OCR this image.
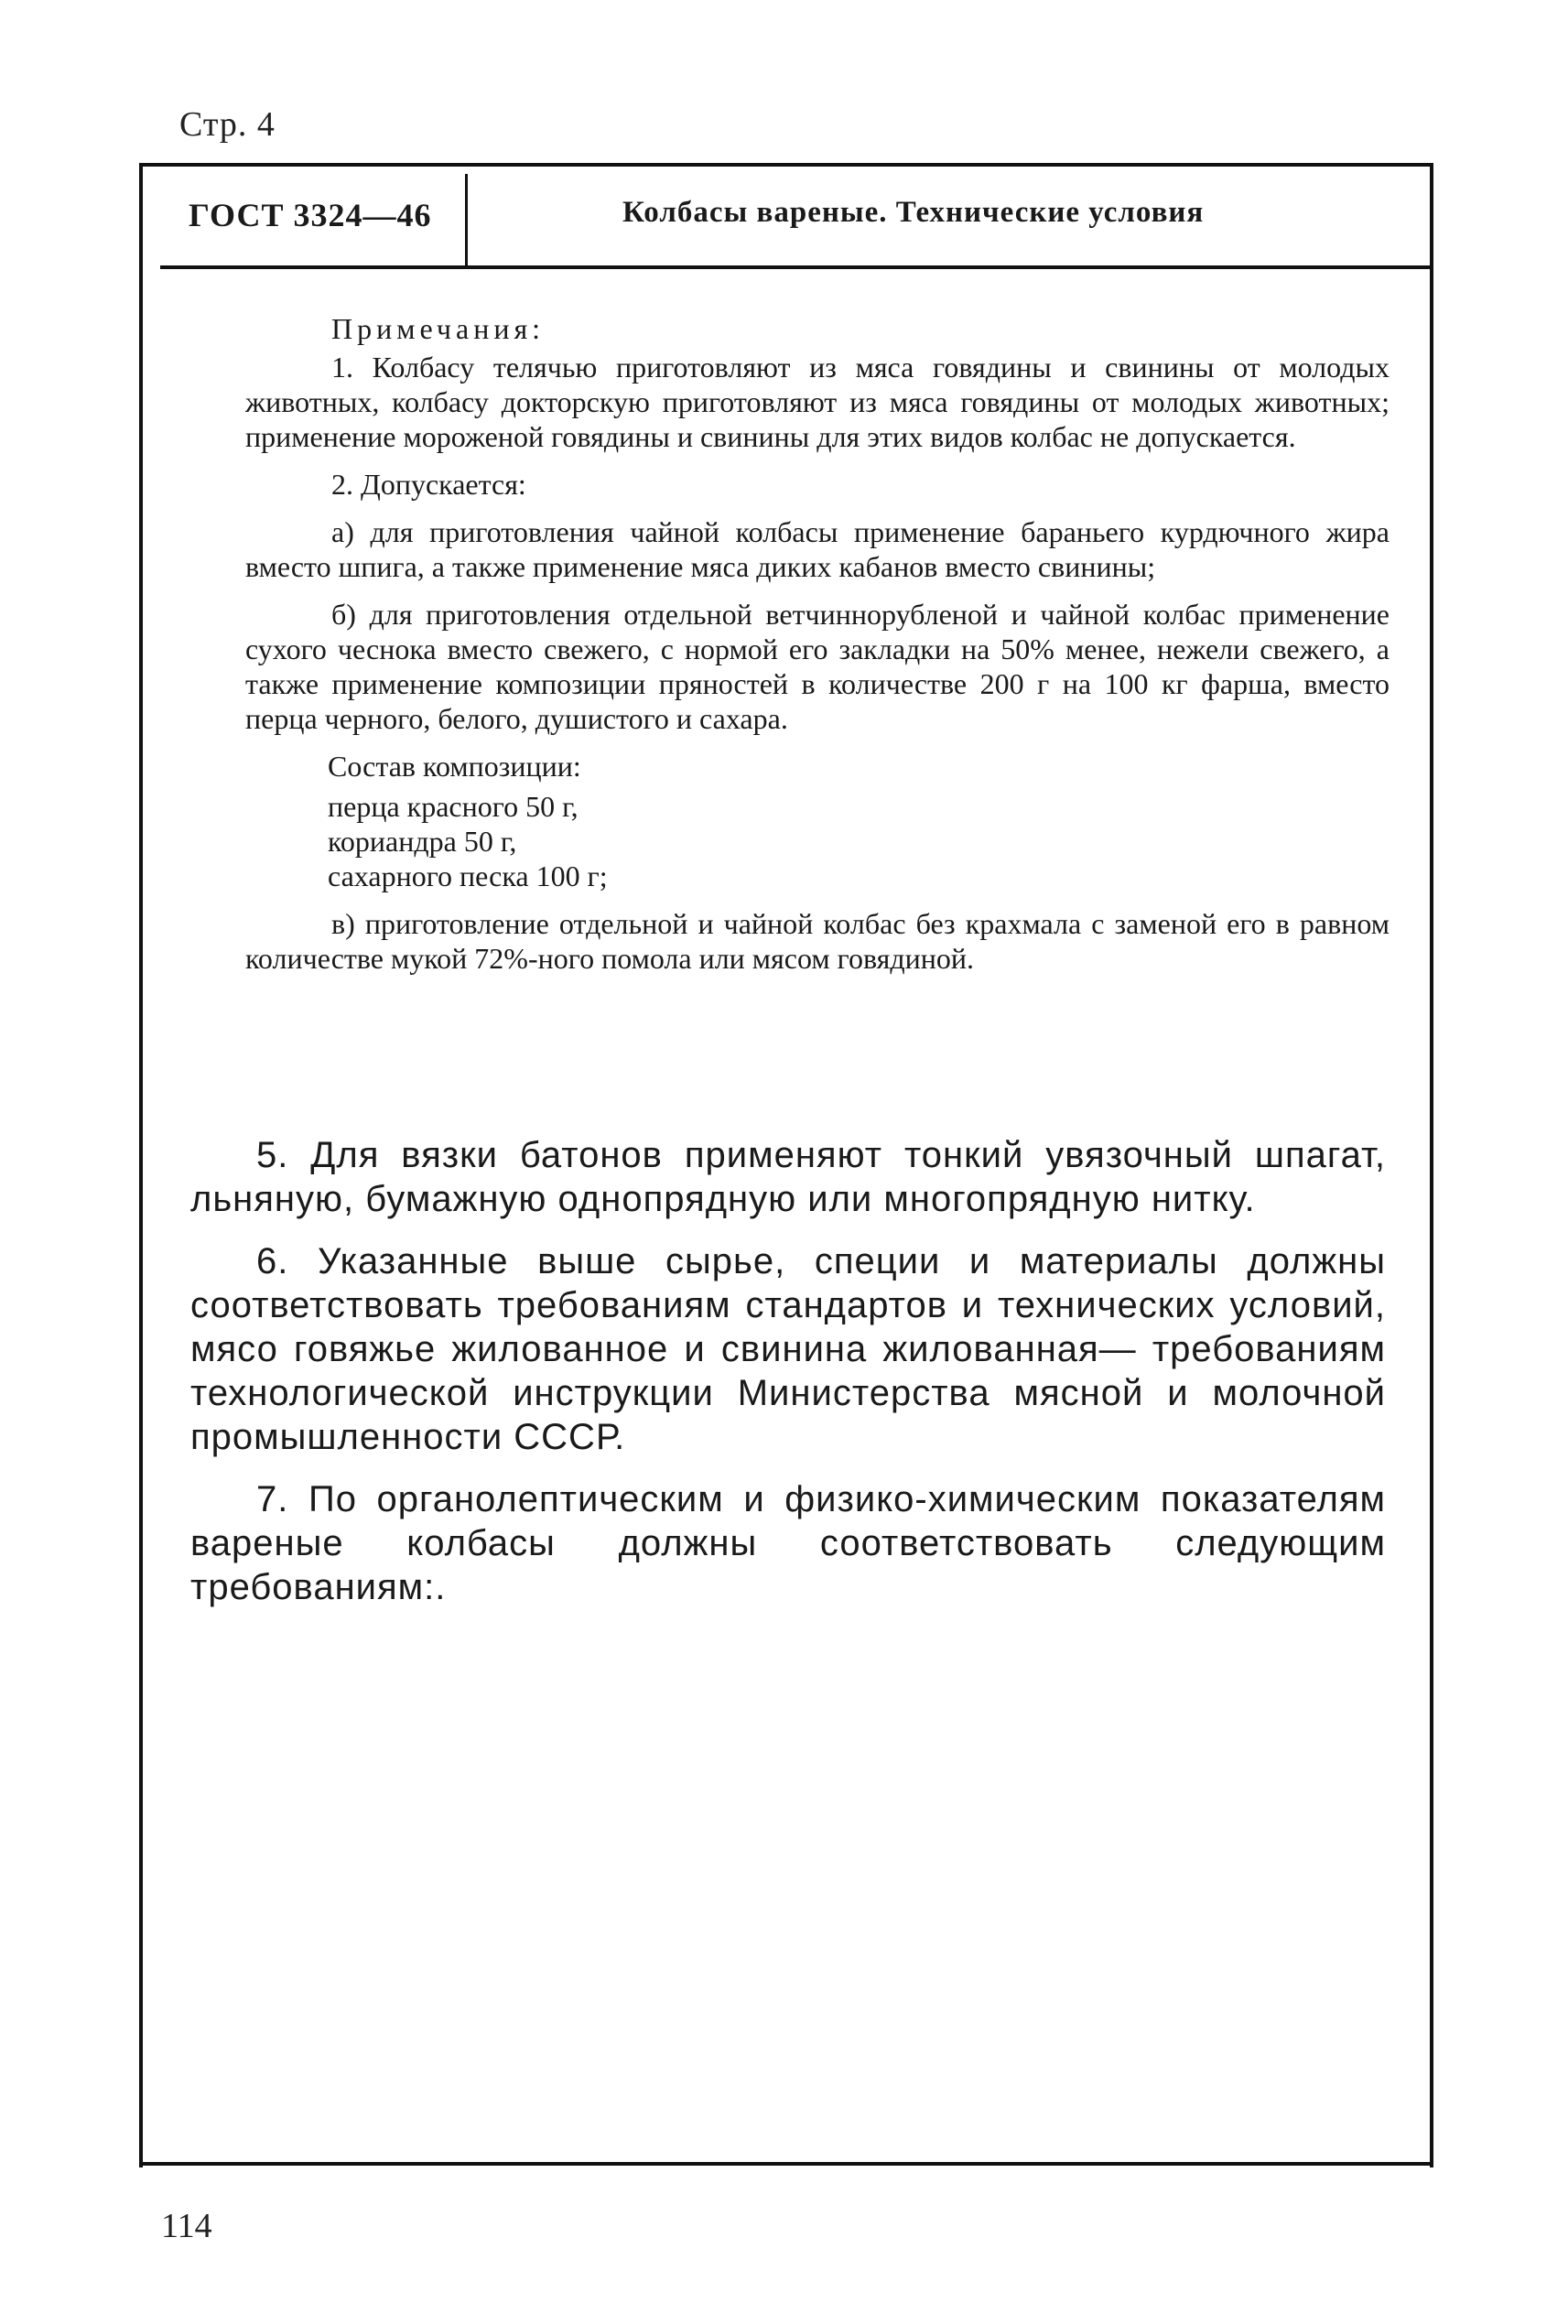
Стр. 4
ГОСТ 3324—46	Колбасы вареные. Технические условия

Примечания:

1. Колбасу телячью приготовляют из мяса говядины и свинины от молодых животных, колбасу докторскую приготовляют из мяса говядины от молодых животных; применение мороженой говядины и свинины для этих видов колбас не допускается.

2. Допускается:

а) для приготовления чайной колбасы применение бараньего курдючного жира вместо шпига, а также применение мяса диких кабанов вместо свинины;

б) для приготовления отдельной ветчиннорубленой и чайной колбас применение сухого чеснока вместо свежего, с нормой его закладки на 50% менее, нежели свежего, а также применение композиции пряностей в количестве 200 г на 100 кг фарша, вместо перца черного, белого, душистого и сахара.

Состав композиции:
перца красного 50 г,
кориандра 50 г,
сахарного песка 100 г;

в) приготовление отдельной и чайной колбас без крахмала с заменой его в равном количестве мукой 72%-ного помола или мясом говядиной.

5. Для вязки батонов применяют тонкий увязочный шпагат, льняную, бумажную однопрядную или многопрядную нитку.

6. Указанные выше сырье, специи и материалы должны соответствовать требованиям стандартов и технических условий, мясо говяжье жилованное и свинина жилованная— требованиям технологической инструкции Министерства мясной и молочной промышленности СССР.

7. По органолептическим и физико-химическим показателям вареные колбасы должны соответствовать следующим требованиям:.

114
